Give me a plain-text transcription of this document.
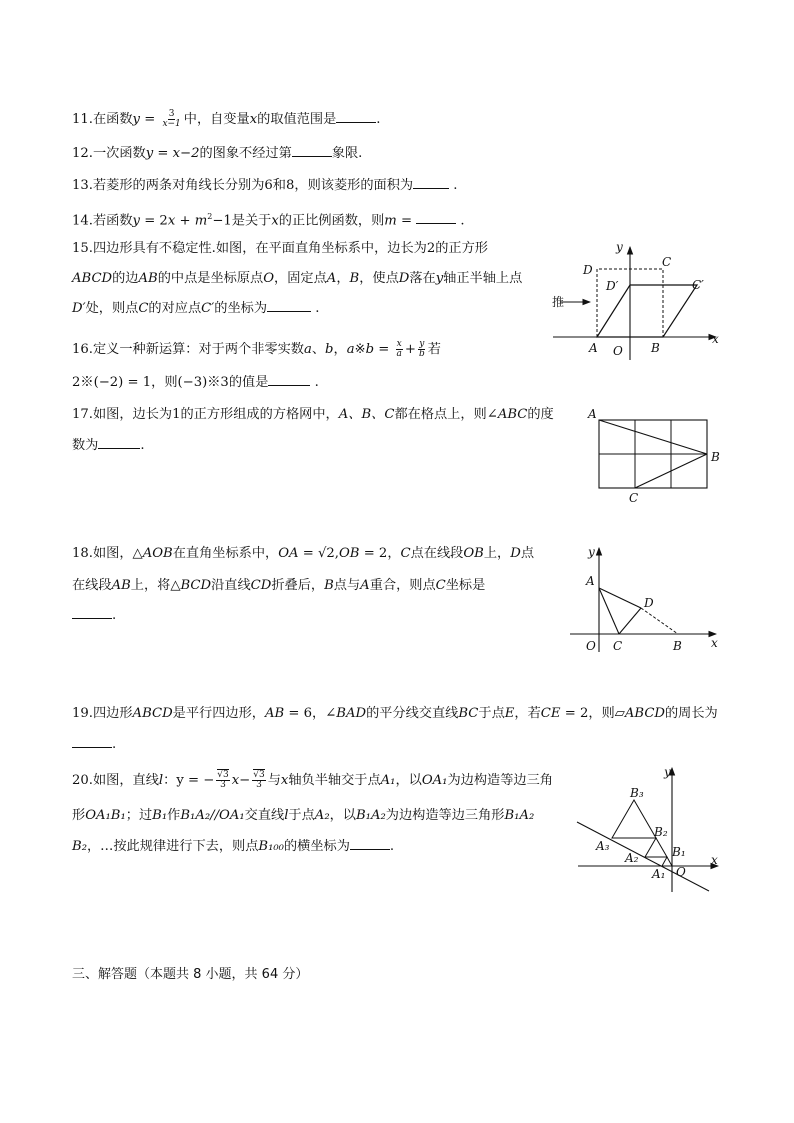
11.在函数$y = \frac{3}{x-1}$ 中，自变量x的取值范围是	.
12.一次函数y = x−2的图象不经过第	象限.
13.若菱形的两条对角线长分别为6和8，则该菱形的面积为	.
14.若函数$y = 2x + m^2-1$是关于x的正比例函数，则m =	.
15.四边形具有不稳定性.如图，在平面直角坐标系中，边长为2的正方形
ABCD的边AB的中点是坐标原点O，固定点A，B，使点D落在y轴正半轴上点
D′处，则点C的对应点C′的坐标为	.
y
x
D
C
D′	C′
推
A O B
16.定义一种新运算：对于两个非零实数a、b，a※b = $\frac{x}{a} + \frac{y}{b}$ 若
2※(−2) = 1，则(−3)※3的值是	.
17.如图，边长为1的正方形组成的方格网中，A、B、C都在格点上，则∠ABC的度
数为	.
A
B
C
18.如图，△AOB在直角坐标系中，OA = √2,OB = 2，C点在线段OB上，D点
在线段AB上，将△BCD沿直线CD折叠后，B点与A重合，则点C坐标是
.
y
A
D
O C	B x
19.四边形ABCD是平行四边形，AB = 6，∠BAD的平分线交直线BC于点E，若CE = 2，则▱ABCD的周长为
.
20.如图，直线l：y = − $\frac{√3}{3} x- \frac{√3}{3}$ 与x轴负半轴交于点A₁，以OA₁为边构造等边三角
形OA₁B₁；过B₁作B₁A₂//OA₁交直线l于点A₂，以B₁A₂为边构造等边三角形B₁A₂
B₂，…按此规律进行下去，则点B₁₀₀的横坐标为	.
y
x
B₃
B₂
B₁
A₃
A₂
A₁ O
三、解答题（本题共 8 小题，共 64 分）
